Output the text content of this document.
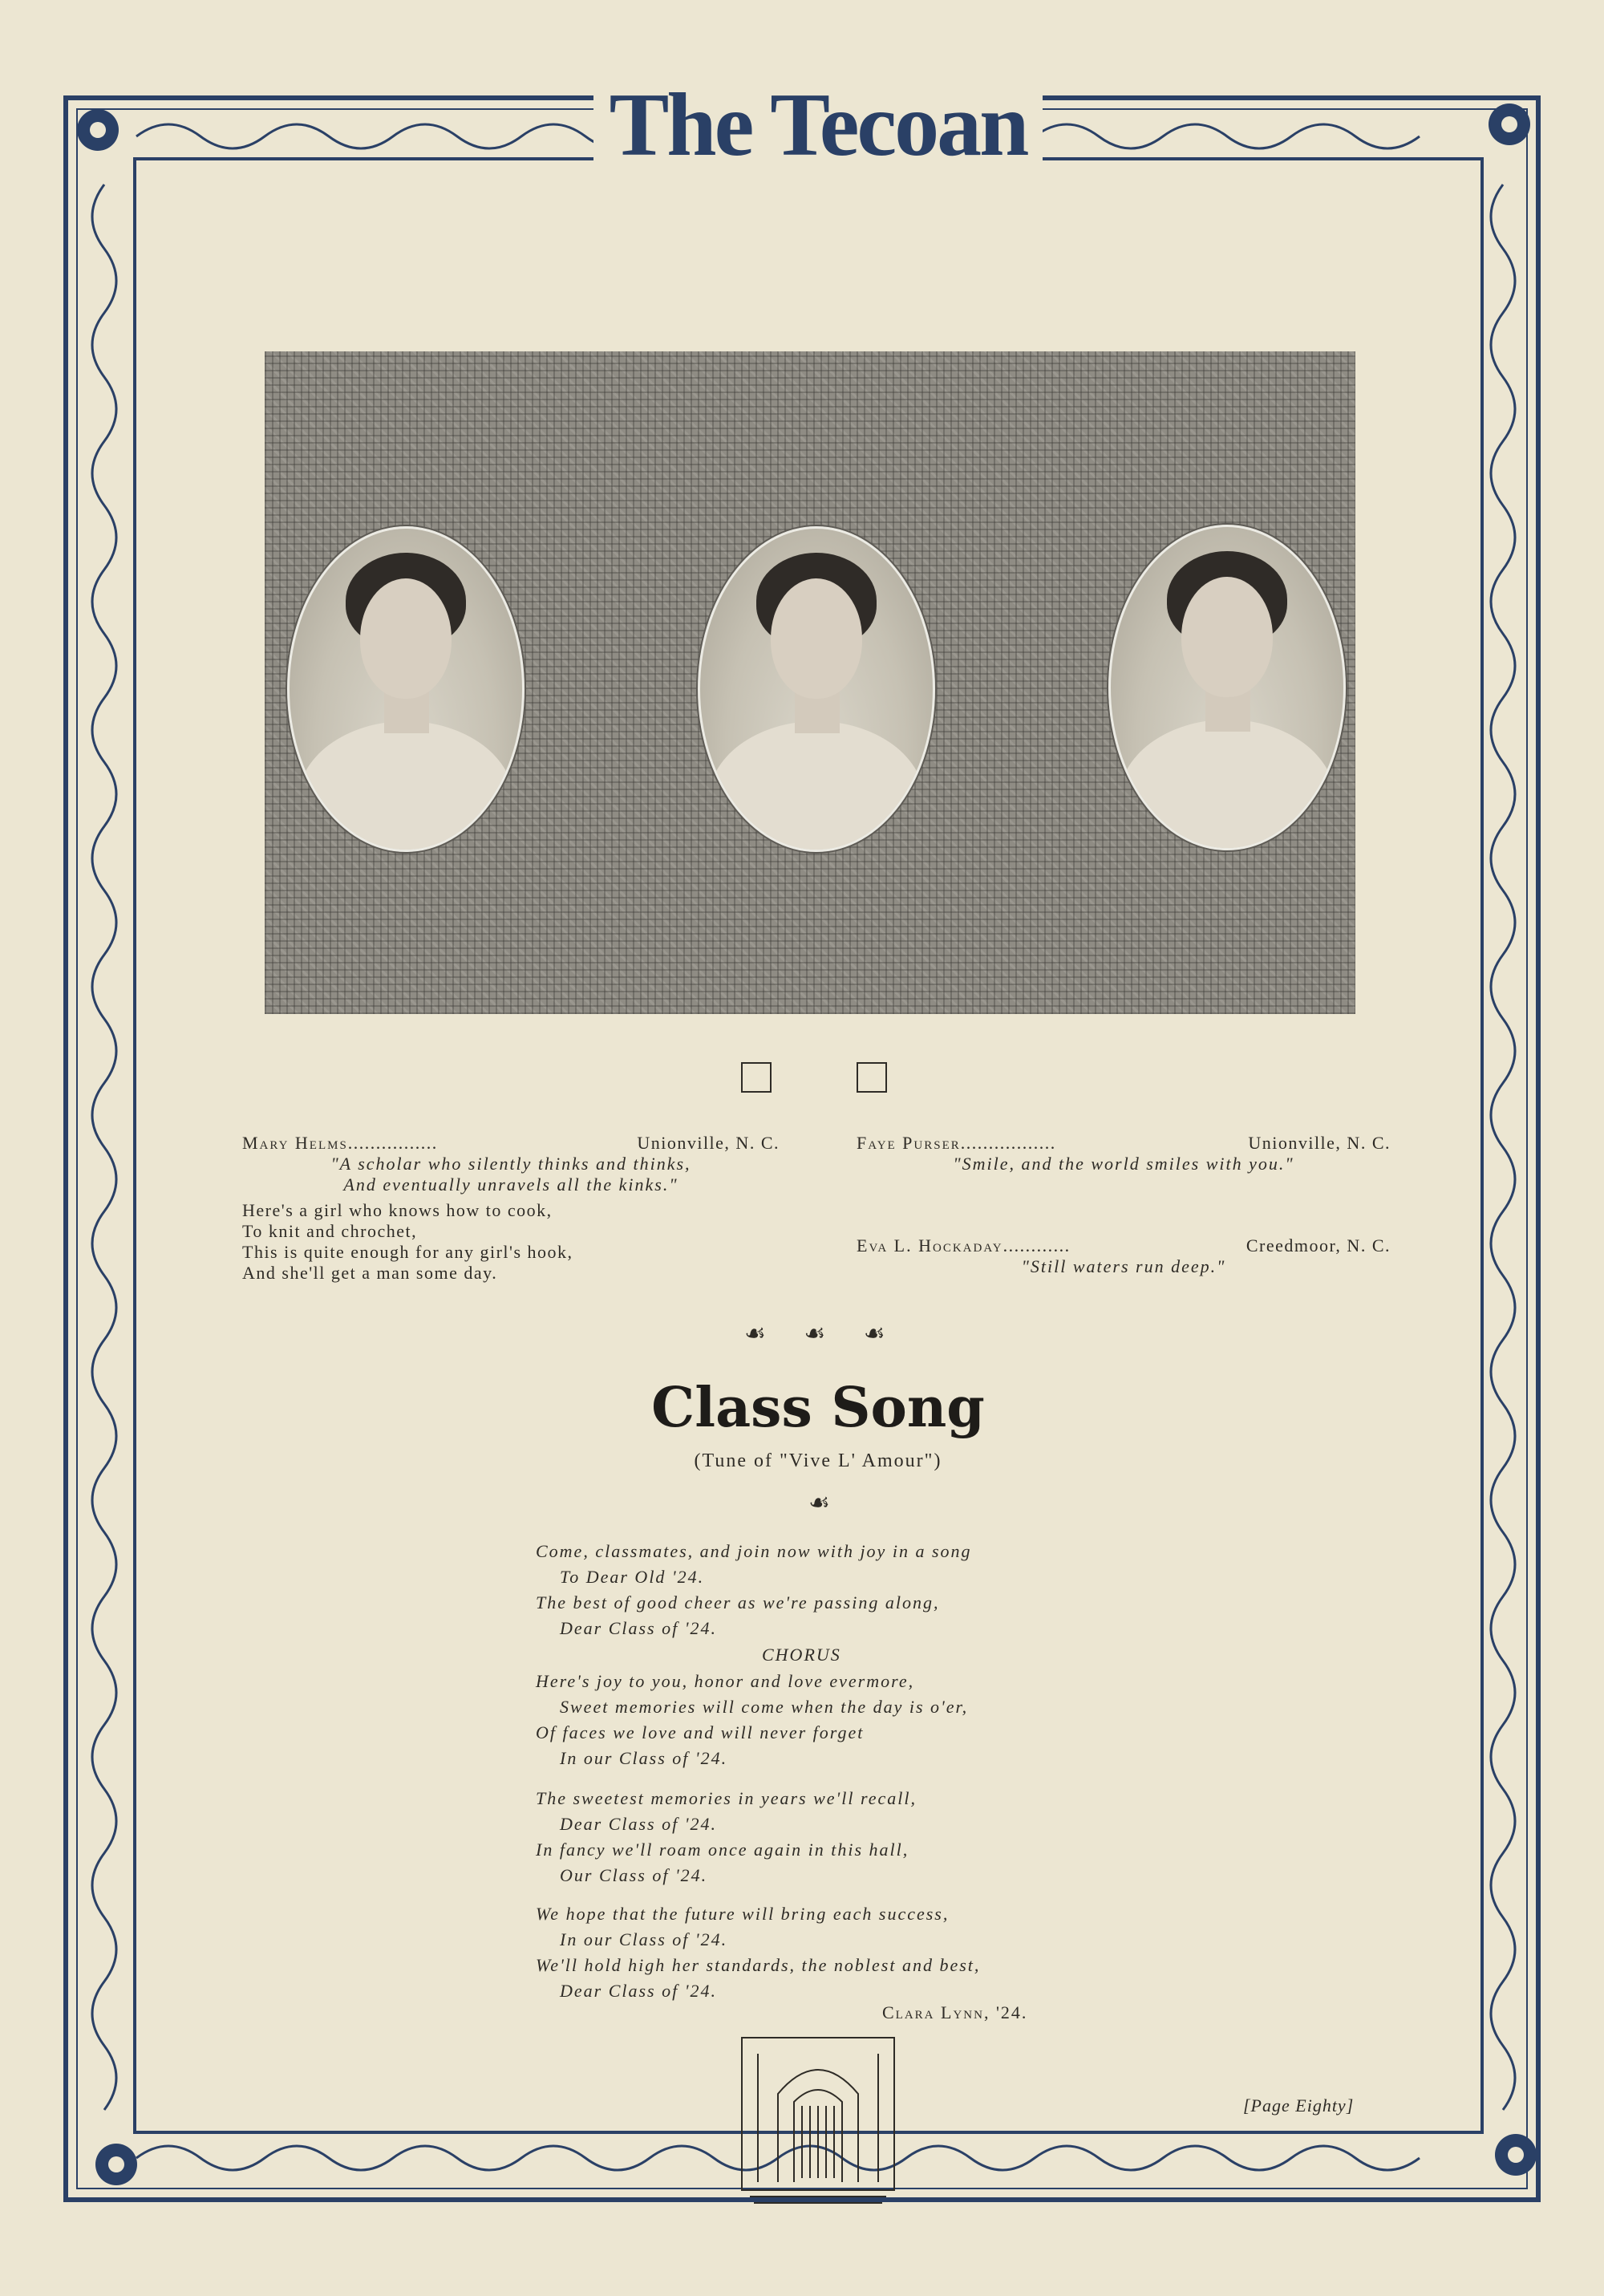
The Tecoan
Mary Helms................	Unionville, N. C.
"A scholar who silently thinks and thinks,
And eventually unravels all the kinks."
Here's a girl who knows how to cook,
To knit and chrochet,
This is quite enough for any girl's hook,
And she'll get a man some day.
Faye Purser.................	Unionville, N. C.
"Smile, and the world smiles with you."
Eva L. Hockaday............	Creedmoor, N. C.
"Still waters run deep."
☙ ☙ ☙
Class Song
(Tune of "Vive L' Amour")
☙
Come, classmates, and join now with joy in a song
To Dear Old '24.
The best of good cheer as we're passing along,
Dear Class of '24.
CHORUS
Here's joy to you, honor and love evermore,
Sweet memories will come when the day is o'er,
Of faces we love and will never forget
In our Class of '24.
The sweetest memories in years we'll recall,
Dear Class of '24.
In fancy we'll roam once again in this hall,
Our Class of '24.
We hope that the future will bring each success,
In our Class of '24.
We'll hold high her standards, the noblest and best,
Dear Class of '24.
Clara Lynn, '24.
[Page Eighty]
